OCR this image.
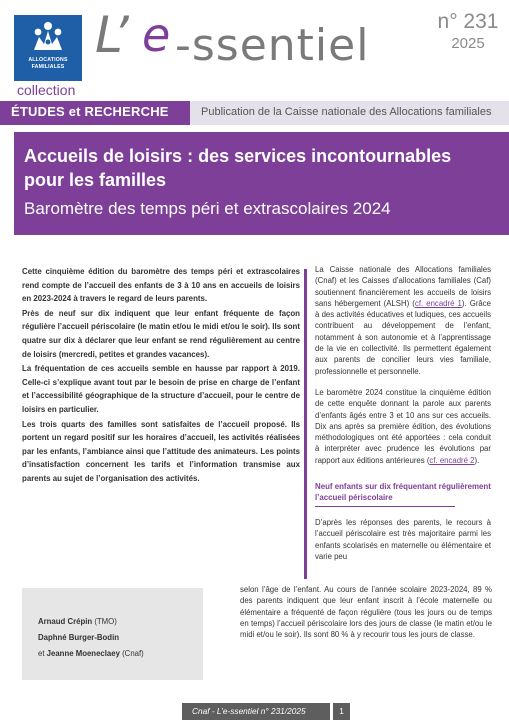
ALLOCATIONS FAMILIALES
L’ e -ssentiel	n° 231
2025
collection
ÉTUDES et RECHERCHE	Publication de la Caisse nationale des Allocations familiales
Accueils de loisirs : des services incontournables pour les familles
Baromètre des temps péri et extrascolaires 2024

Cette cinquième édition du baromètre des temps péri et extrascolaires rend compte de l’accueil des enfants de 3 à 10 ans en accueils de loisirs en 2023-2024 à travers le regard de leurs parents.

Près de neuf sur dix indiquent que leur enfant fréquente de façon régulière l’accueil périscolaire (le matin et/ou le midi et/ou le soir). Ils sont quatre sur dix à déclarer que leur enfant se rend régulièrement au centre de loisirs (mercredi, petites et grandes vacances).

La fréquentation de ces accueils semble en hausse par rapport à 2019. Celle-ci s’explique avant tout par le besoin de prise en charge de l’enfant et l’accessibilité géographique de la structure d’accueil, pour le centre de loisirs en particulier.

Les trois quarts des familles sont satisfaites de l’accueil proposé. Ils portent un regard positif sur les horaires d’accueil, les activités réalisées par les enfants, l’ambiance ainsi que l’attitude des animateurs. Les points d’insatisfaction concernent les tarifs et l’information transmise aux parents au sujet de l’organisation des activités.

La Caisse nationale des Allocations familiales (Cnaf) et les Caisses d’allocations familiales (Caf) soutiennent financièrement les accueils de loisirs sans hébergement (ALSH) (cf. encadré 1). Grâce à des activités éducatives et ludiques, ces accueils contribuent au développement de l’enfant, notamment à son autonomie et à l’apprentissage de la vie en collectivité. Ils permettent également aux parents de concilier leurs vies familiale, professionnelle et personnelle.

Le baromètre 2024 constitue la cinquième édition de cette enquête donnant la parole aux parents d’enfants âgés entre 3 et 10 ans sur ces accueils. Dix ans après sa première édition, des évolutions méthodologiques ont été apportées : cela conduit à interpréter avec prudence les évolutions par rapport aux éditions antérieures (cf. encadré 2).

Neuf enfants sur dix fréquentant régulièrement l’accueil périscolaire

D’après les réponses des parents, le recours à l’accueil périscolaire est très majoritaire parmi les enfants scolarisés en maternelle ou élémentaire et varie peu

selon l’âge de l’enfant. Au cours de l’année scolaire 2023-2024, 89 % des parents indiquent que leur enfant inscrit à l’école maternelle ou élémentaire a fréquenté de façon régulière (tous les jours ou de temps en temps) l’accueil périscolaire lors des jours de classe (le matin et/ou le midi et/ou le soir). Ils sont 80 % à y recourir tous les jours de classe.

Arnaud Crépin (TMO)
Daphné Burger-Bodin
et Jeanne Moeneclaey (Cnaf)
Cnaf - L’e-ssentiel n° 231/2025	1
